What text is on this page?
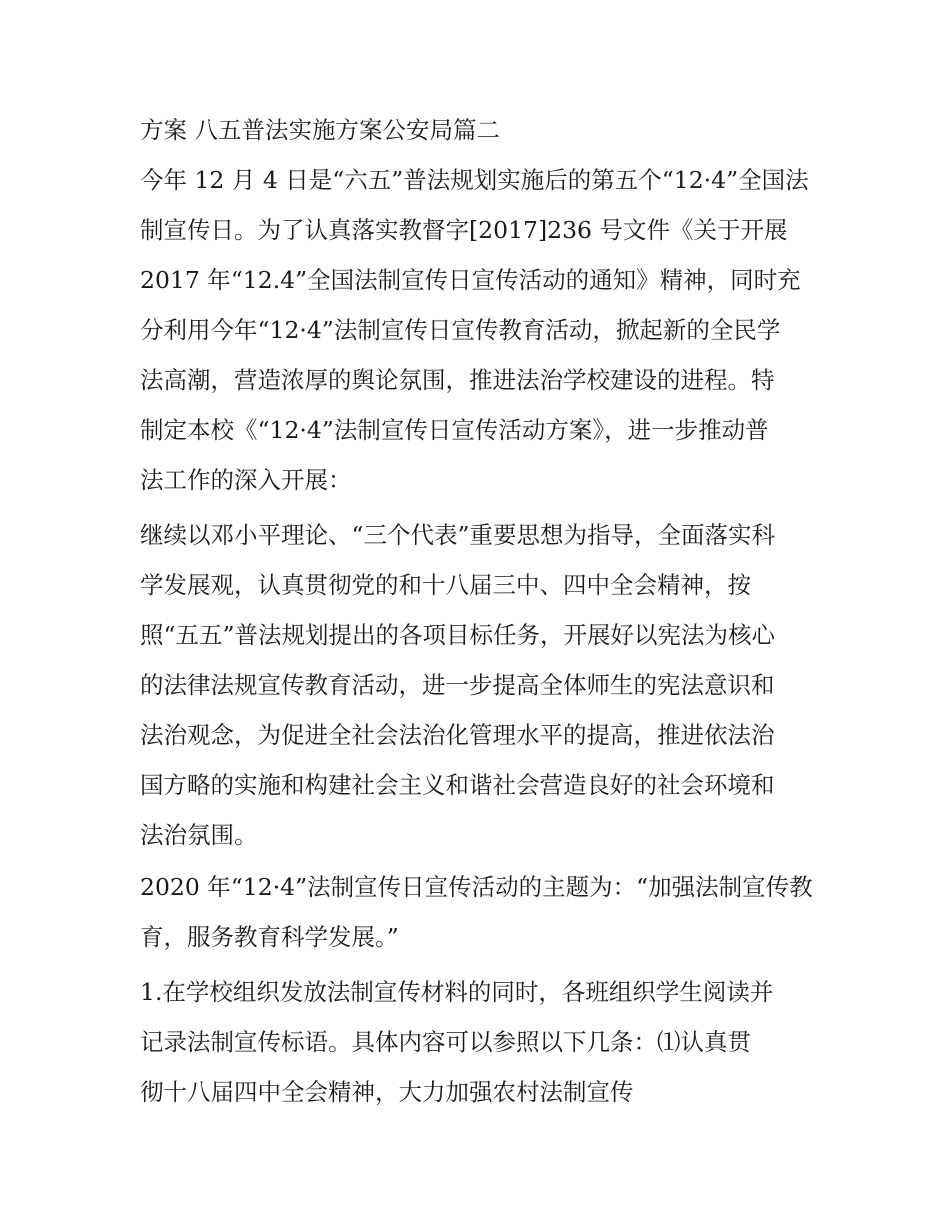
方案 八五普法实施方案公安局篇二
今年 12 月 4 日是“六五”普法规划实施后的第五个“12·4”全国法
制宣传日。为了认真落实教督字[2017]236 号文件《关于开展
2017 年“12.4”全国法制宣传日宣传活动的通知》精神，同时充
分利用今年“12·4”法制宣传日宣传教育活动，掀起新的全民学
法高潮，营造浓厚的舆论氛围，推进法治学校建设的进程。特
制定本校《“12·4”法制宣传日宣传活动方案》，进一步推动普
法工作的深入开展：
继续以邓小平理论、“三个代表”重要思想为指导，全面落实科
学发展观，认真贯彻党的和十八届三中、四中全会精神，按
照“五五”普法规划提出的各项目标任务，开展好以宪法为核心
的法律法规宣传教育活动，进一步提高全体师生的宪法意识和
法治观念，为促进全社会法治化管理水平的提高，推进依法治
国方略的实施和构建社会主义和谐社会营造良好的社会环境和
法治氛围。
2020 年“12·4”法制宣传日宣传活动的主题为：“加强法制宣传教
育，服务教育科学发展。”
1.在学校组织发放法制宣传材料的同时，各班组织学生阅读并
记录法制宣传标语。具体内容可以参照以下几条：⑴认真贯
彻十八届四中全会精神，大力加强农村法制宣传
